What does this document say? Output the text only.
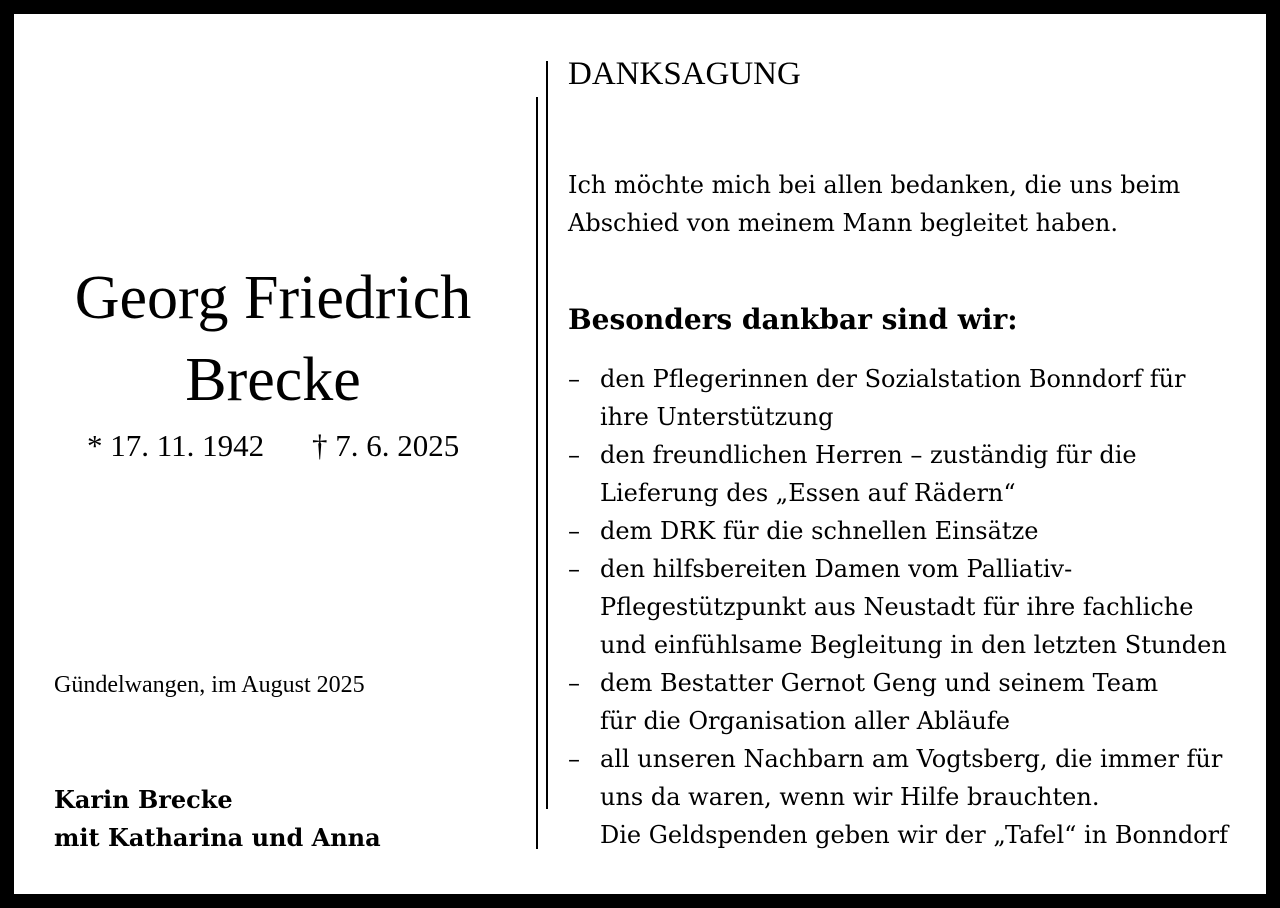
Georg Friedrich
Brecke
* 17. 11. 1942 † 7. 6. 2025
Gündelwangen, im August 2025
Karin Brecke
mit Katharina und Anna
DANKSAGUNG
Ich möchte mich bei allen bedanken, die uns beim
Abschied von meinem Mann begleitet haben.
Besonders dankbar sind wir:
– den Pflegerinnen der Sozialstation Bonndorf für
ihre Unterstützung
– den freundlichen Herren – zuständig für die
Lieferung des „Essen auf Rädern“
– dem DRK für die schnellen Einsätze
– den hilfsbereiten Damen vom Palliativ-
Pflegestützpunkt aus Neustadt für ihre fachliche
und einfühlsame Begleitung in den letzten Stunden
– dem Bestatter Gernot Geng und seinem Team
für die Organisation aller Abläufe
– all unseren Nachbarn am Vogtsberg, die immer für
uns da waren, wenn wir Hilfe brauchten.
Die Geldspenden geben wir der „Tafel“ in Bonndorf
